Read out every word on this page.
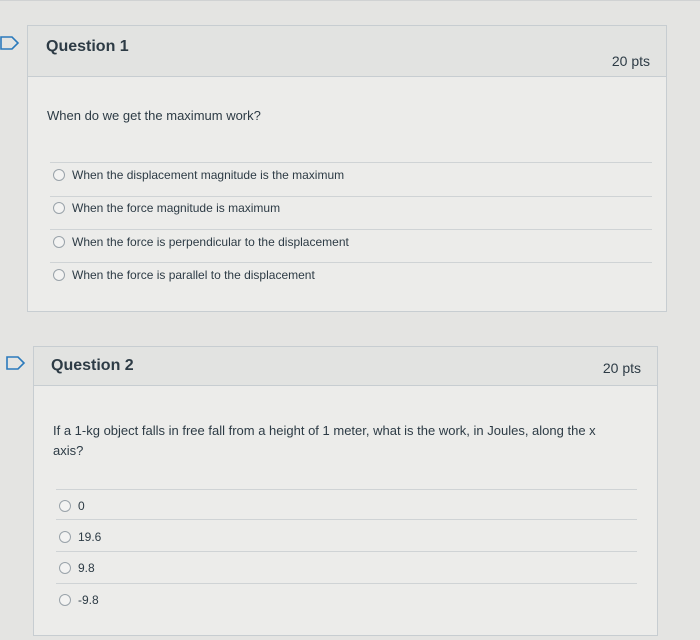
Question 1
20 pts
When do we get the maximum work?
When the displacement magnitude is the maximum
When the force magnitude is maximum
When the force is perpendicular to the displacement
When the force is parallel to the displacement
Question 2	20 pts
If a 1-kg object falls in free fall from a height of 1 meter, what is the work, in Joules, along the x axis?
0
19.6
9.8
-9.8
